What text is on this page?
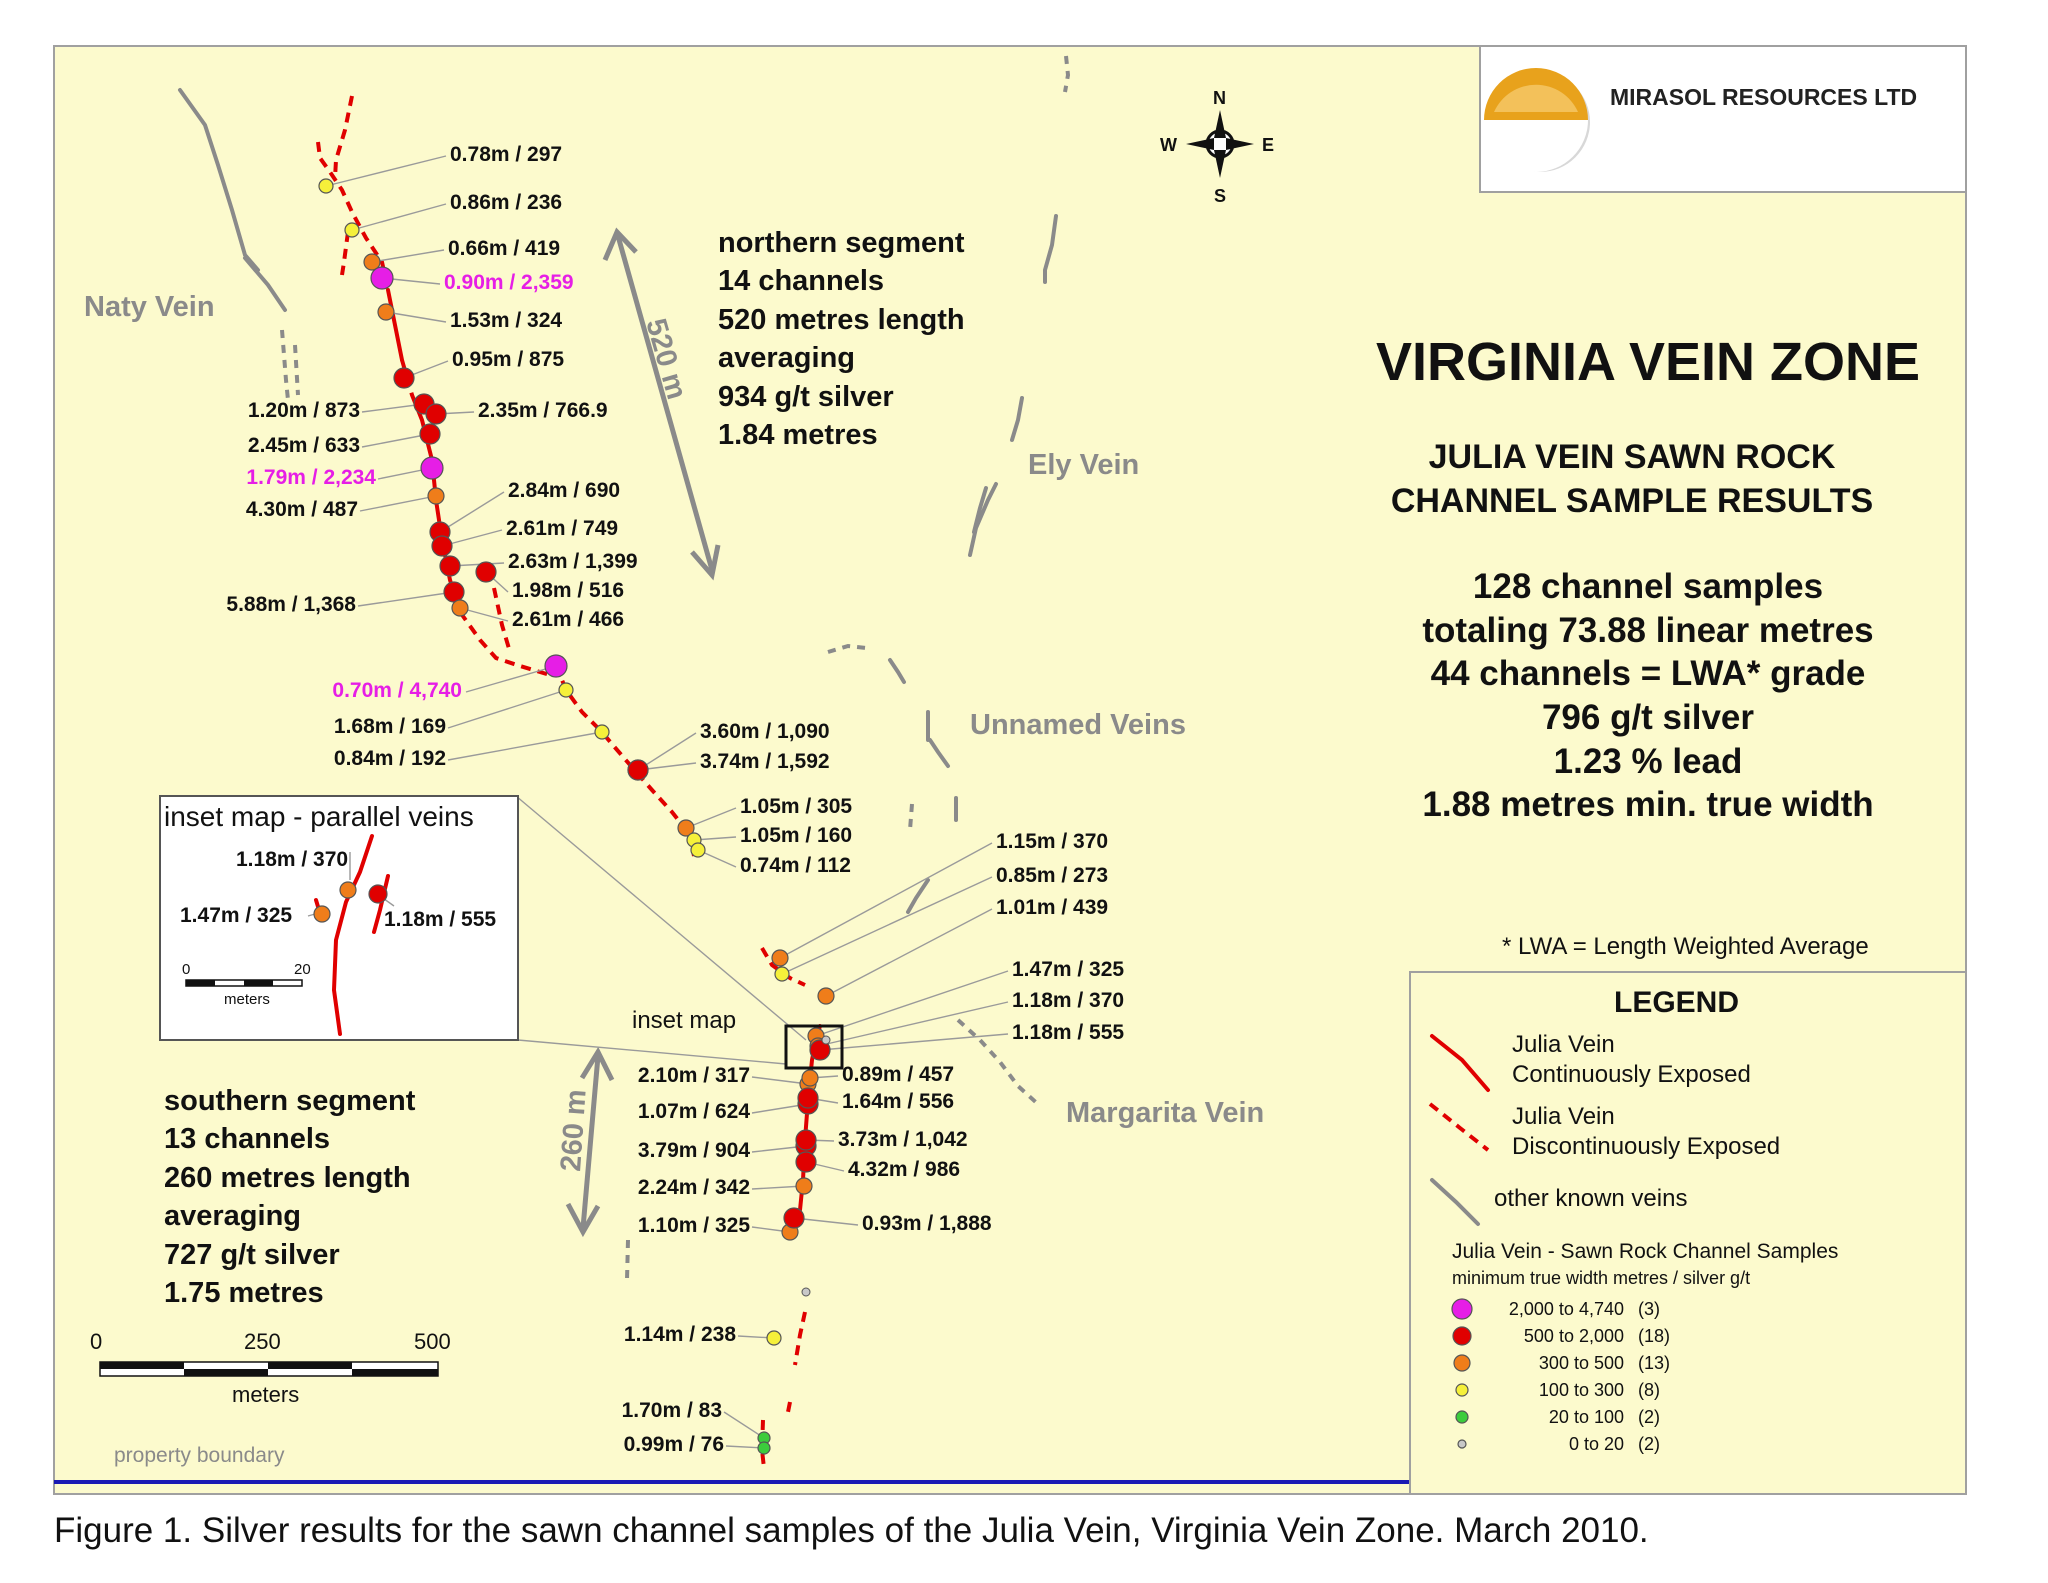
MIRASOL RESOURCES LTD
N
S
W	E
VIRGINIA VEIN ZONE
JULIA VEIN SAWN ROCK
CHANNEL SAMPLE RESULTS
128 channel samples
totaling 73.88 linear metres
44 channels = LWA* grade
796 g/t silver
1.23 % lead
1.88 metres min. true width
* LWA = Length Weighted Average
520 m
260 m
Naty Vein
Ely Vein
Unnamed Veins
Margarita Vein
northern segment
14 channels
520 metres length
averaging
934 g/t silver
1.84 metres
southern segment
13 channels
260 metres length
averaging
727 g/t silver
1.75 metres
0.78m / 297
0.86m / 236
0.66m / 419
0.90m / 2,359
1.53m / 324
0.95m / 875
1.20m / 873	2.35m / 766.9
2.45m / 633
1.79m / 2,234
4.30m / 487
2.84m / 690
2.61m / 749
2.63m / 1,399
1.98m / 516
5.88m / 1,368
2.61m / 466
0.70m / 4,740
1.68m / 169
0.84m / 192
3.60m / 1,090
3.74m / 1,592
1.05m / 305
1.05m / 160
0.74m / 112
1.15m / 370
0.85m / 273
1.01m / 439
1.47m / 325
1.18m / 370
1.18m / 555
2.10m / 317	0.89m / 457
1.07m / 624	1.64m / 556
3.79m / 904	3.73m / 1,042
4.32m / 986
2.24m / 342
1.10m / 325	0.93m / 1,888
1.14m / 238
1.70m / 83
0.99m / 76
inset map - parallel veins
1.18m / 370
1.47m / 325	1.18m / 555
0	20
meters
inset map
0	250	500
meters
property boundary
LEGEND
Julia Vein
Continuously Exposed
Julia Vein
Discontinuously Exposed
other known veins
Julia Vein - Sawn Rock Channel Samples
minimum true width metres / silver g/t
2,000 to 4,740 (3)
500 to 2,000 (18)
300 to 500 (13)
100 to 300 (8)
20 to 100 (2)
0 to 20 (2)
Figure 1. Silver results for the sawn channel samples of the Julia Vein, Virginia Vein Zone. March 2010.
